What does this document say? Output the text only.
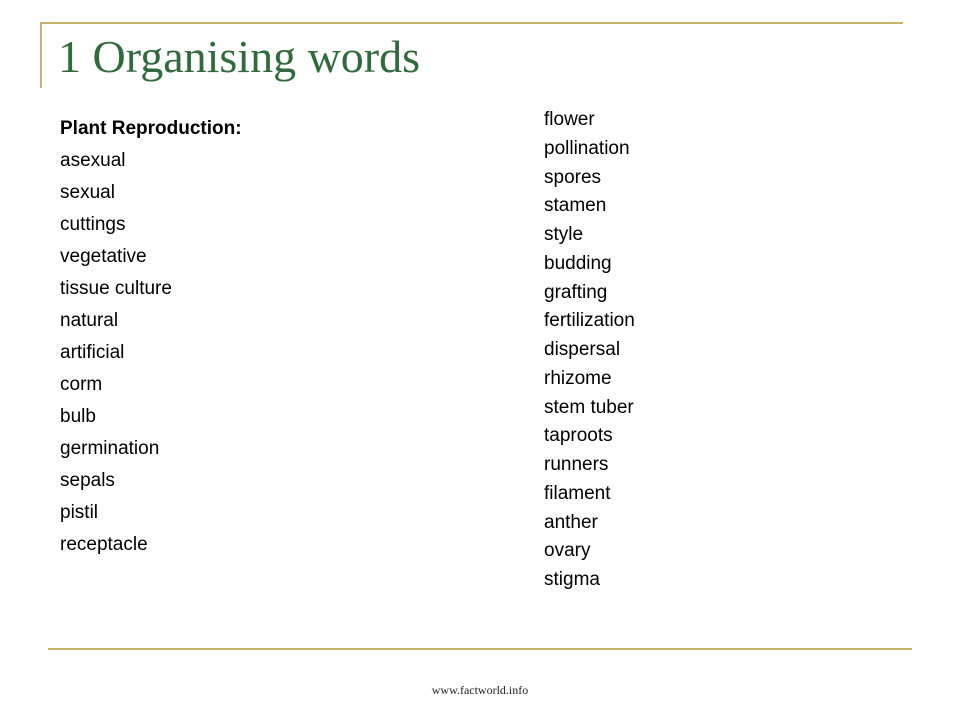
1 Organising words
Plant Reproduction:
asexual
sexual
cuttings
vegetative
tissue culture
natural
artificial
corm
bulb
germination
sepals
pistil
receptacle
flower
pollination
spores
stamen
style
budding
grafting
fertilization
dispersal
rhizome
stem tuber
taproots
runners
filament
anther
ovary
stigma
www.factworld.info
